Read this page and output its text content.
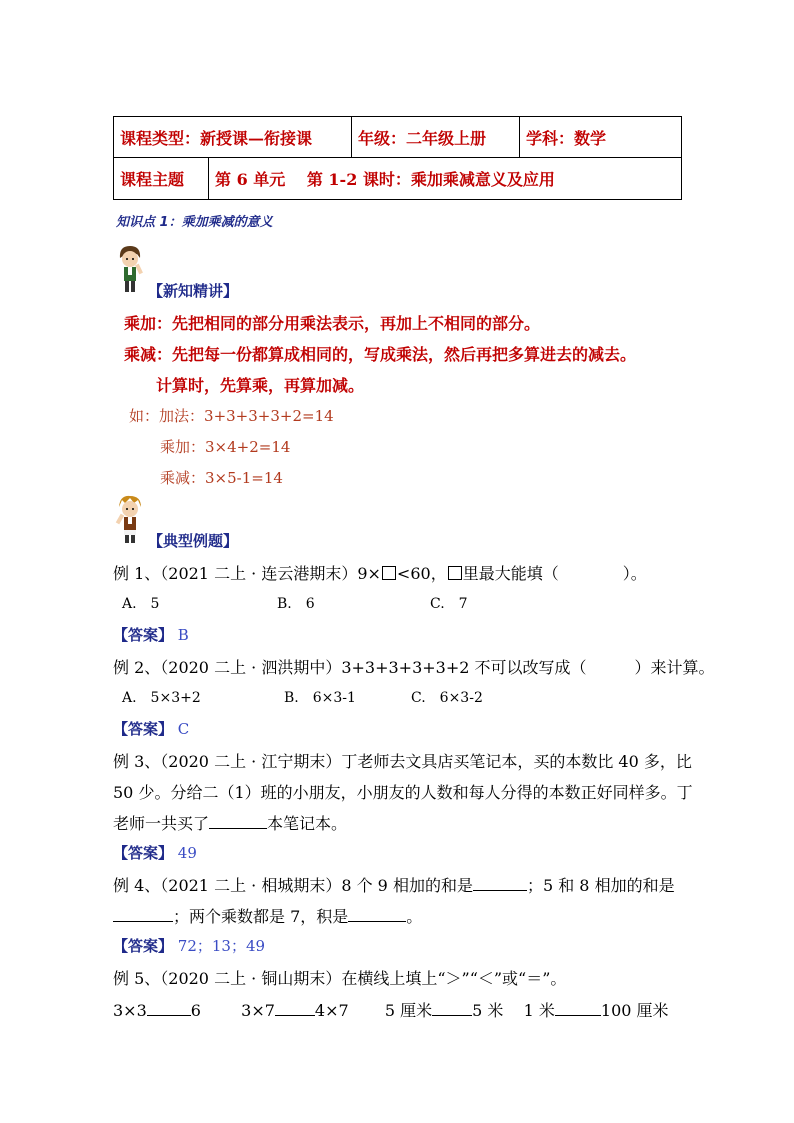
课程类型：新授课—衔接课		年级：二年级上册	学科：数学
课程主题	第 6 单元　 第 1-2 课时：乘加乘减意义及应用		
知识点 1：乘加乘减的意义
【新知精讲】
乘加：先把相同的部分用乘法表示，再加上不相同的部分。
乘减：先把每一份都算成相同的，写成乘法，然后再把多算进去的减去。
计算时，先算乘，再算加减。
如：加法：3+3+3+3+2=14
乘加：3×4+2=14
乘减：3×5-1=14
【典型例题】
例 1、（2021 二上 · 连云港期末）9× <60， 里最大能填（　　　　）。
A.　5	B.　6	C.　7
【答案】 B
例 2、（2020 二上 · 泗洪期中）3+3+3+3+3+2 不可以改写成（　　　）来计算。
A.　5×3+2	B.　6×3-1	C.　6×3-2
【答案】 C
例 3、（2020 二上 · 江宁期末）丁老师去文具店买笔记本，买的本数比 40 多，比
50 少。分给二（1）班的小朋友，小朋友的人数和每人分得的本数正好同样多。丁
老师一共买了	本笔记本。
【答案】 49
例 4、（2021 二上 · 相城期末）8 个 9 相加的和是	；5 和 8 相加的和是
；两个乘数都是 7，积是	。
【答案】 72；13；49
例 5、（2020 二上 · 铜山期末）在横线上填上“＞”“＜”或“＝”。
3×3	6	3×7	4×7 5 厘米	5 米 1 米	100 厘米
